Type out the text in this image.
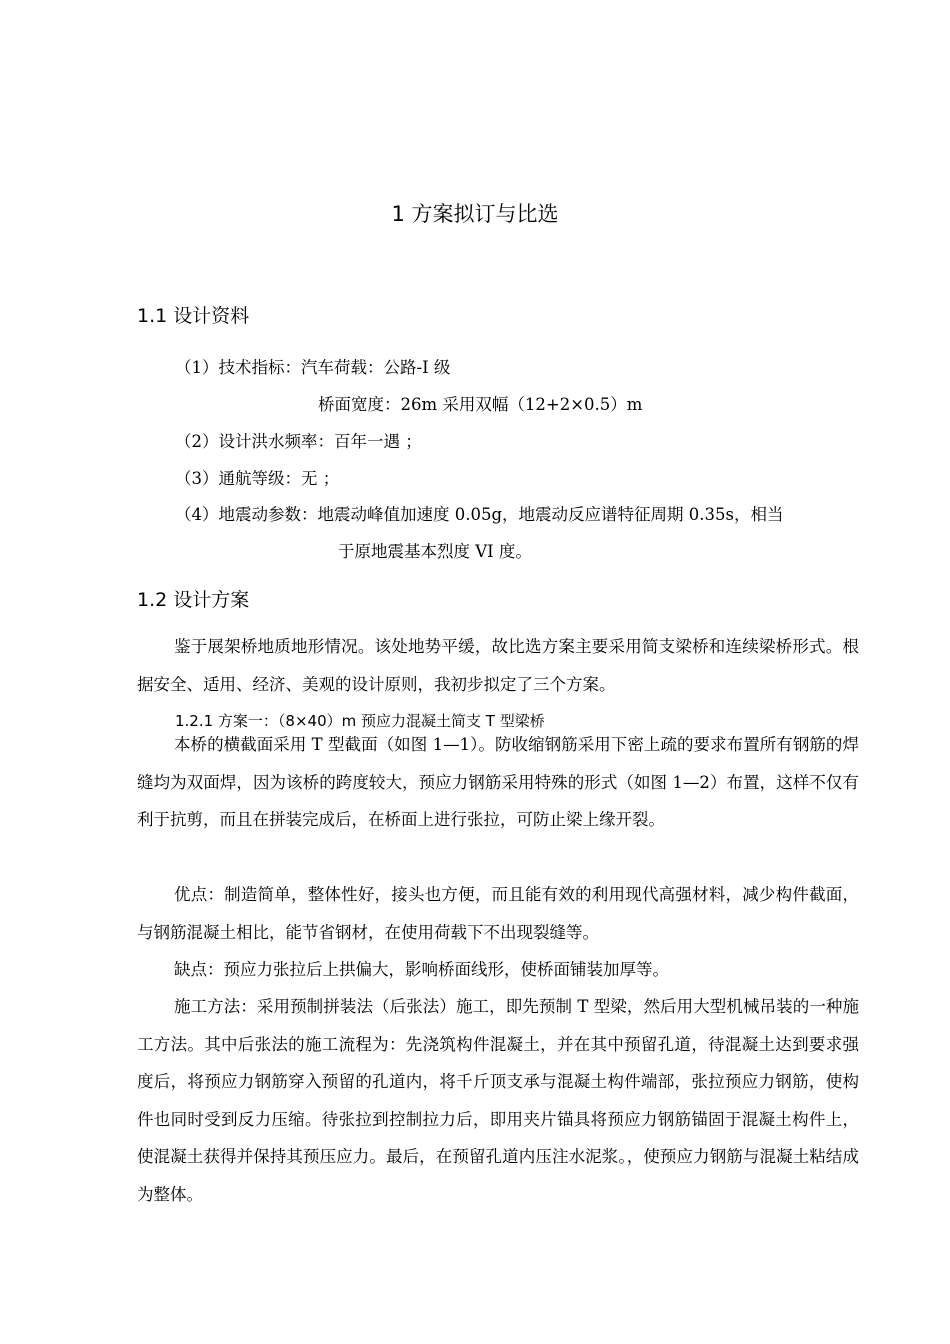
1 方案拟订与比选
1.1 设计资料
（1）技术指标：汽车荷载：公路-I 级
桥面宽度：26m 采用双幅（12+2×0.5）m
（2）设计洪水频率：百年一遇 ；
（3）通航等级：无 ；
（4）地震动参数：地震动峰值加速度 0.05g，地震动反应谱特征周期 0.35s，相当
于原地震基本烈度 VI 度。
1.2 设计方案

鉴于展架桥地质地形情况。该处地势平缓，故比选方案主要采用简支梁桥和连续梁桥形式。根据安全、适用、经济、美观的设计原则，我初步拟定了三个方案。

1.2.1 方案一：（8×40）m 预应力混凝土简支 T 型梁桥

本桥的横截面采用 T 型截面（如图 1—1）。防收缩钢筋采用下密上疏的要求布置所有钢筋的焊缝均为双面焊，因为该桥的跨度较大，预应力钢筋采用特殊的形式（如图 1—2）布置，这样不仅有利于抗剪，而且在拼装完成后，在桥面上进行张拉，可防止梁上缘开裂。

优点：制造简单，整体性好，接头也方便，而且能有效的利用现代高强材料，减少构件截面，与钢筋混凝土相比，能节省钢材，在使用荷载下不出现裂缝等。

缺点：预应力张拉后上拱偏大，影响桥面线形，使桥面铺装加厚等。

施工方法：采用预制拼装法（后张法）施工，即先预制 T 型梁，然后用大型机械吊装的一种施工方法。其中后张法的施工流程为：先浇筑构件混凝土，并在其中预留孔道，待混凝土达到要求强度后，将预应力钢筋穿入预留的孔道内，将千斤顶支承与混凝土构件端部，张拉预应力钢筋，使构件也同时受到反力压缩。待张拉到控制拉力后，即用夹片锚具将预应力钢筋锚固于混凝土构件上，使混凝土获得并保持其预压应力。最后，在预留孔道内压注水泥浆。，使预应力钢筋与混凝土粘结成为整体。
